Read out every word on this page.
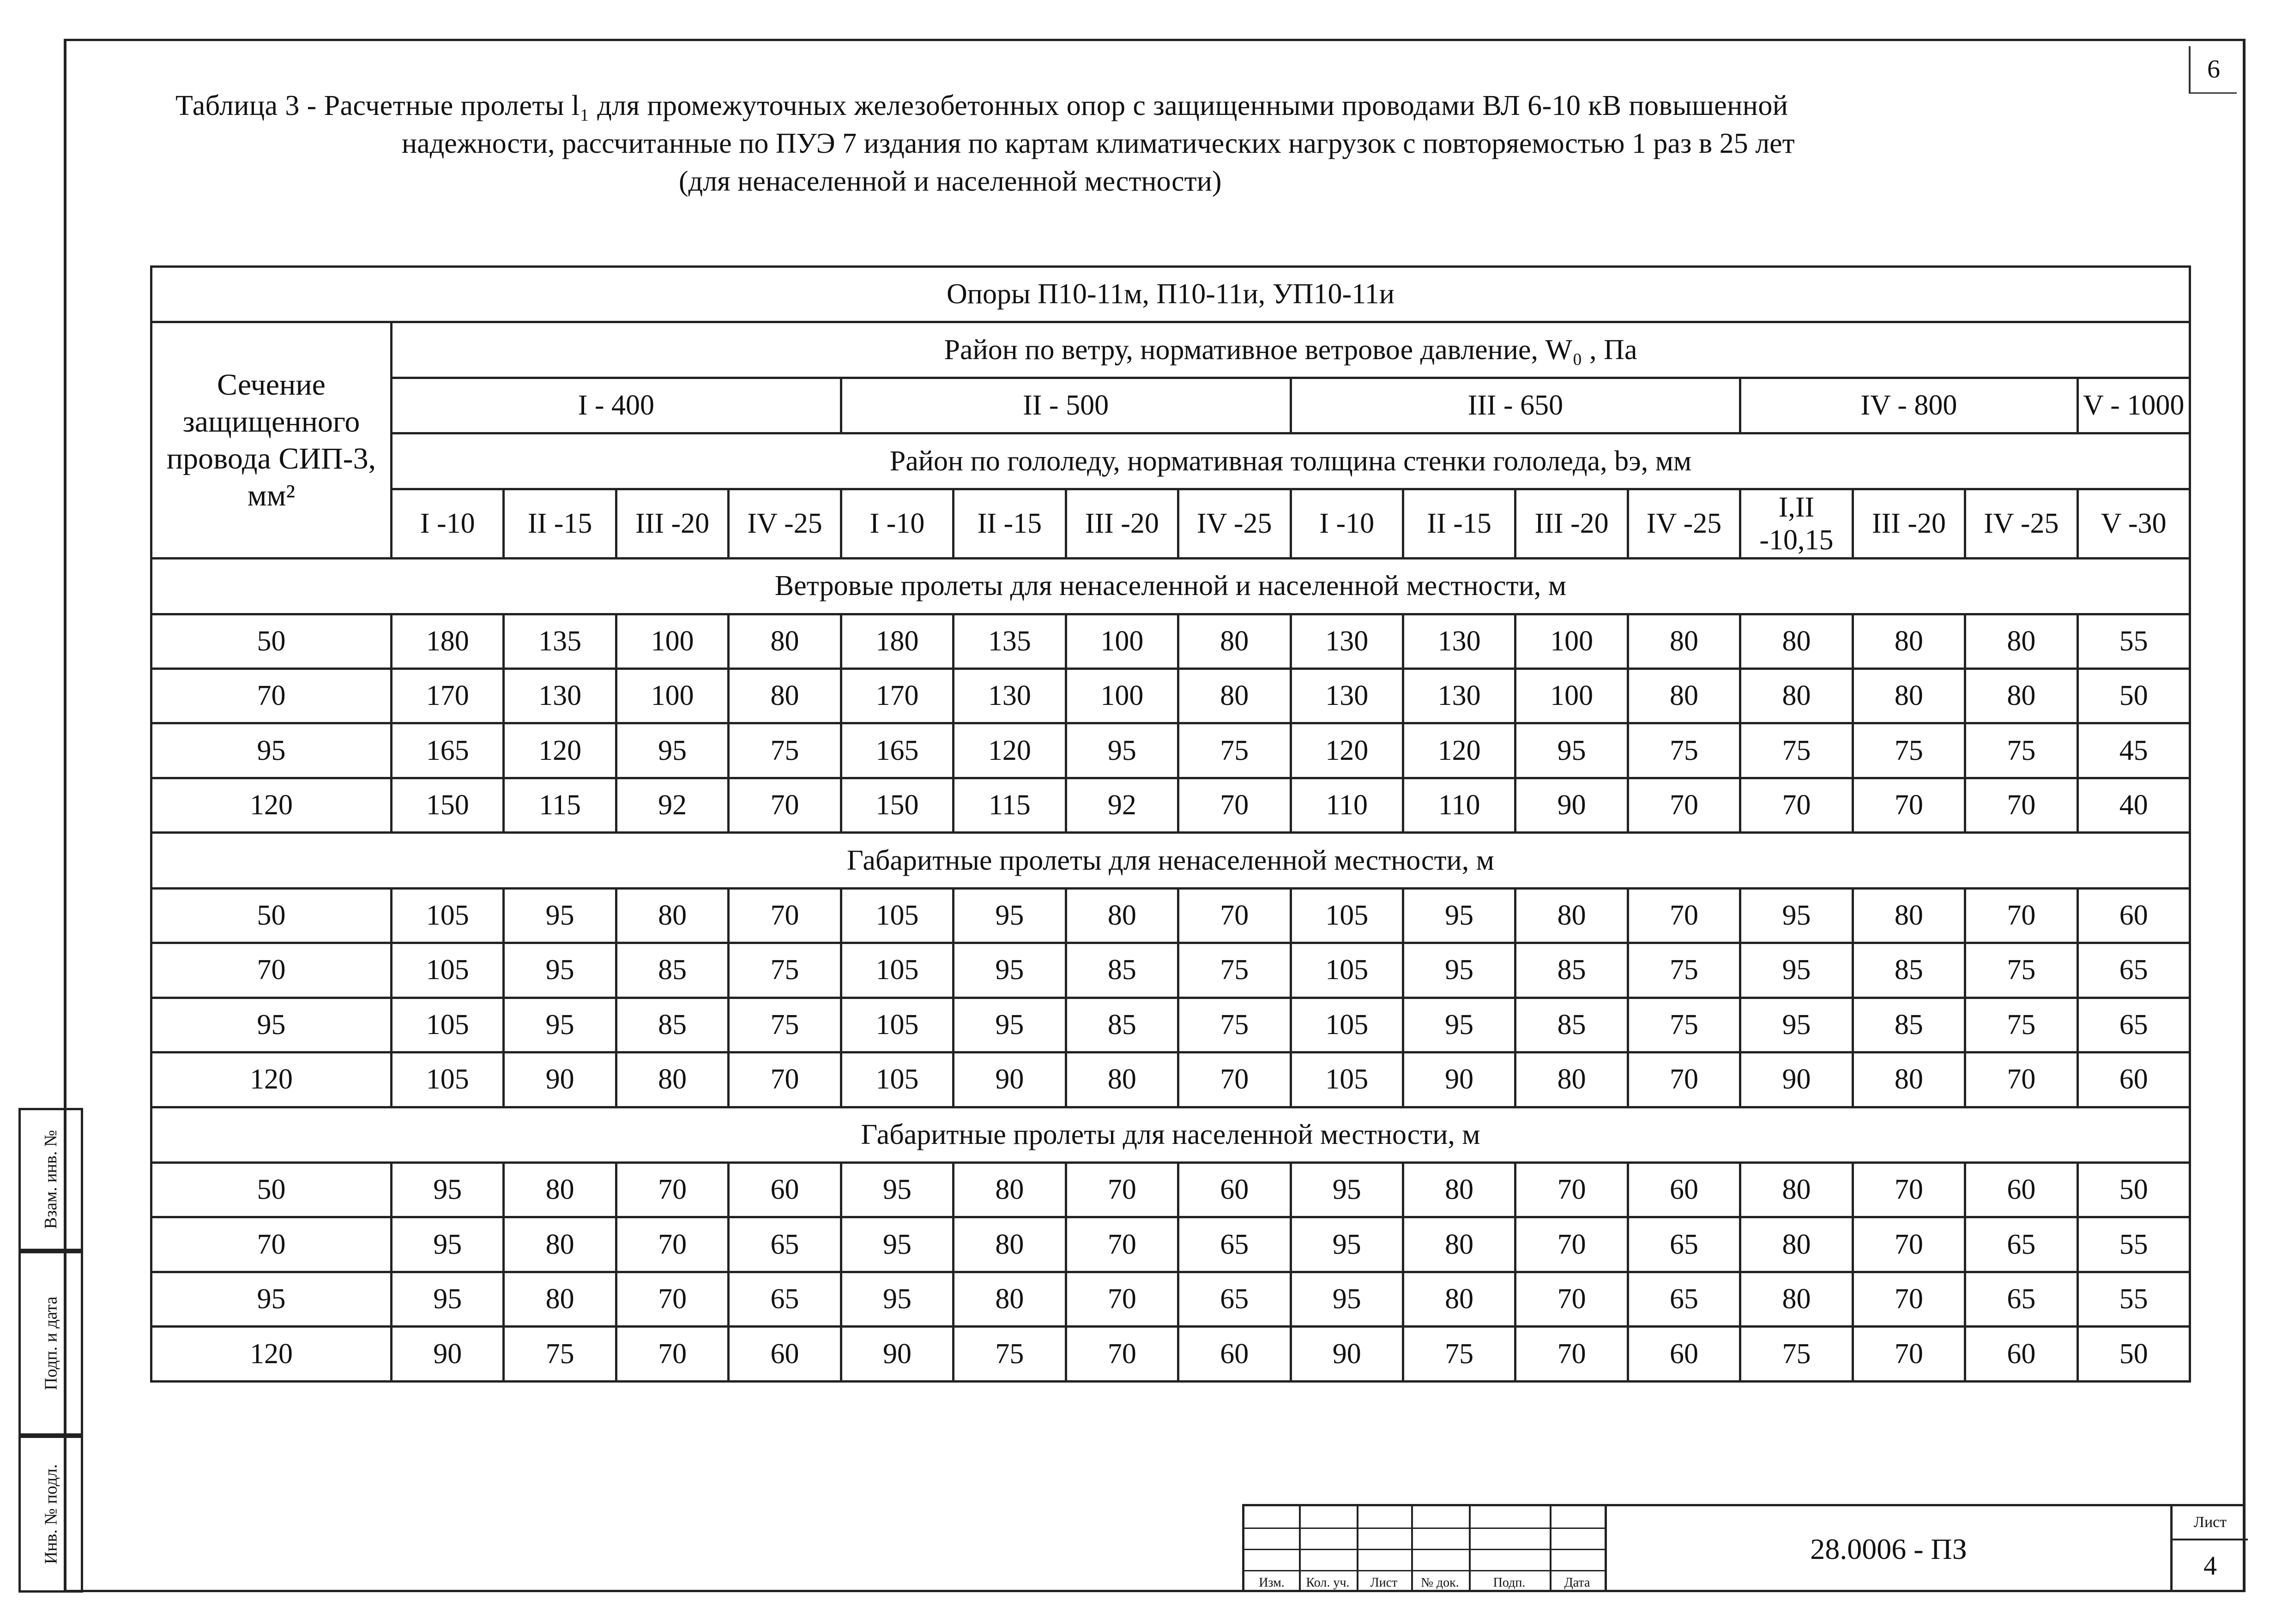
6
Таблица 3 - Расчетные пролеты l₁ для промежуточных железобетонных опор с защищенными проводами ВЛ 6-10 кВ повышенной
надежности, рассчитанные по ПУЭ 7 издания по картам климатических нагрузок с повторяемостью 1 раз в 25 лет
(для ненаселенной и населенной местности)
Опоры П10-11м, П10-11и, УП10-11и																
Сечение защищенного провода СИП-3, мм²	Район по ветру, нормативное ветровое давление, W₀ , Па															
	I - 400				II - 500				III - 650				IV - 800			V - 1000
	Район по гололеду, нормативная толщина стенки гололеда, bэ, мм															
	I -10	II -15	III -20	IV -25	I -10	II -15	III -20	IV -25	I -10	II -15	III -20	IV -25	I,II -10,15	III -20	IV -25	V -30
Ветровые пролеты для ненаселенной и населенной местности, м																
50	180	135	100	80	180	135	100	80	130	130	100	80	80	80	80	55
70	170	130	100	80	170	130	100	80	130	130	100	80	80	80	80	50
95	165	120	95	75	165	120	95	75	120	120	95	75	75	75	75	45
120	150	115	92	70	150	115	92	70	110	110	90	70	70	70	70	40
Габаритные пролеты для ненаселенной местности, м																
50	105	95	80	70	105	95	80	70	105	95	80	70	95	80	70	60
70	105	95	85	75	105	95	85	75	105	95	85	75	95	85	75	65
95	105	95	85	75	105	95	85	75	105	95	85	75	95	85	75	65
120	105	90	80	70	105	90	80	70	105	90	80	70	90	80	70	60
Габаритные пролеты для населенной местности, м																
50	95	80	70	60	95	80	70	60	95	80	70	60	80	70	60	50
70	95	80	70	65	95	80	70	65	95	80	70	65	80	70	65	55
95	95	80	70	65	95	80	70	65	95	80	70	65	80	70	65	55
120	90	75	70	60	90	75	70	60	90	75	70	60	75	70	60	50
Взам. инв. №
Подп. и дата
Инв. № подл.
Изм.	Кол. уч.	Лист	№ док.	Подп.	Дата
28.0006 - ПЗ
Лист
4
